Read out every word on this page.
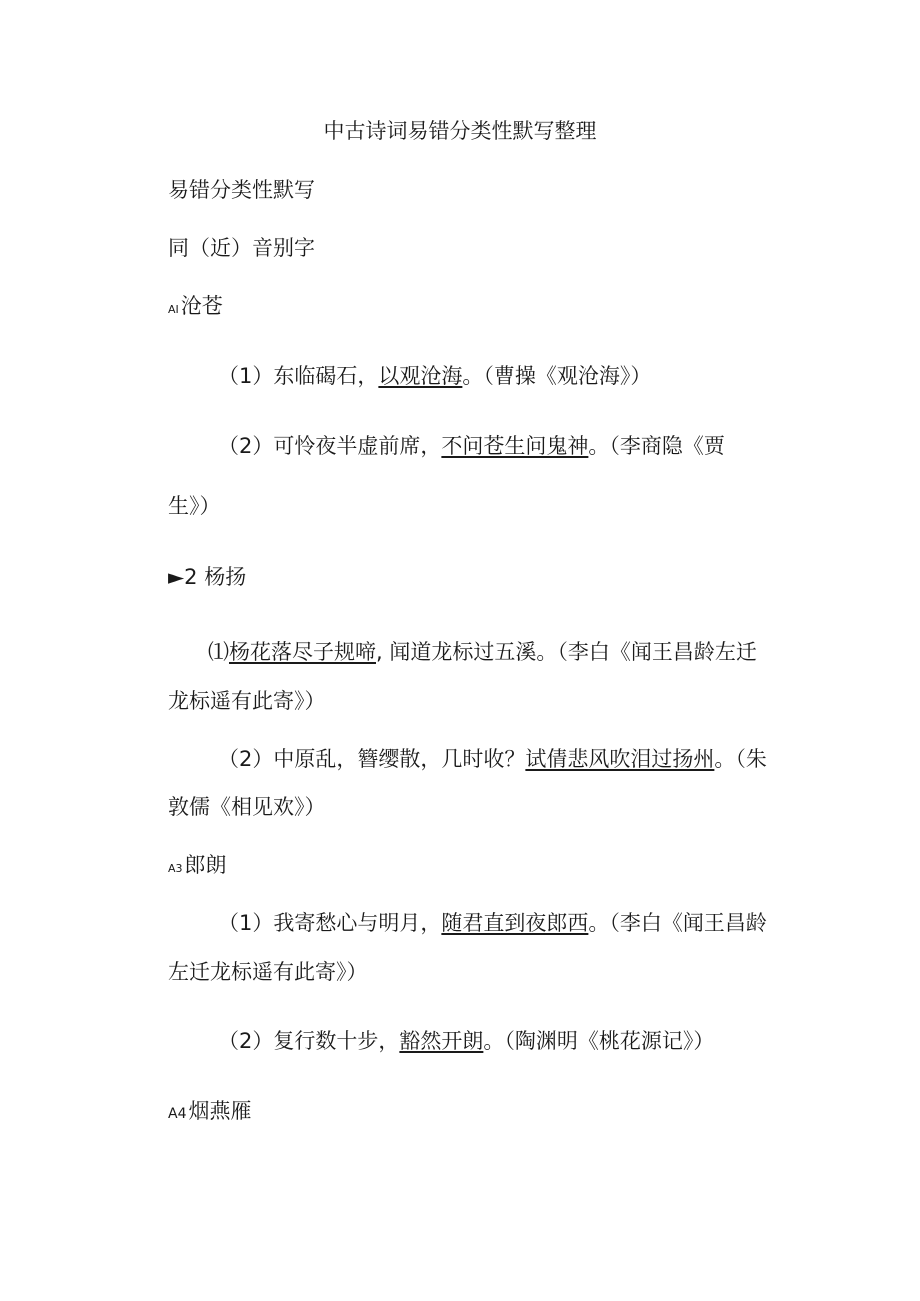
中古诗词易错分类性默写整理
易错分类性默写
同（近）音别字
AI沧苍
（1）东临碣石，以观沧海。（曹操《观沧海》）
（2）可怜夜半虚前席，不问苍生问鬼神。（李商隐《贾
生》）
►2 杨扬
⑴杨花落尽子规啼, 闻道龙标过五溪。（李白《闻王昌龄左迁
龙标遥有此寄》）
（2）中原乱，簪缨散，几时收？试倩悲风吹泪过扬州。（朱
敦儒《相见欢》）
A3郎朗
（1）我寄愁心与明月，随君直到夜郎西。（李白《闻王昌龄
左迁龙标遥有此寄》）
（2）复行数十步，豁然开朗。（陶渊明《桃花源记》）
A4烟燕雁
